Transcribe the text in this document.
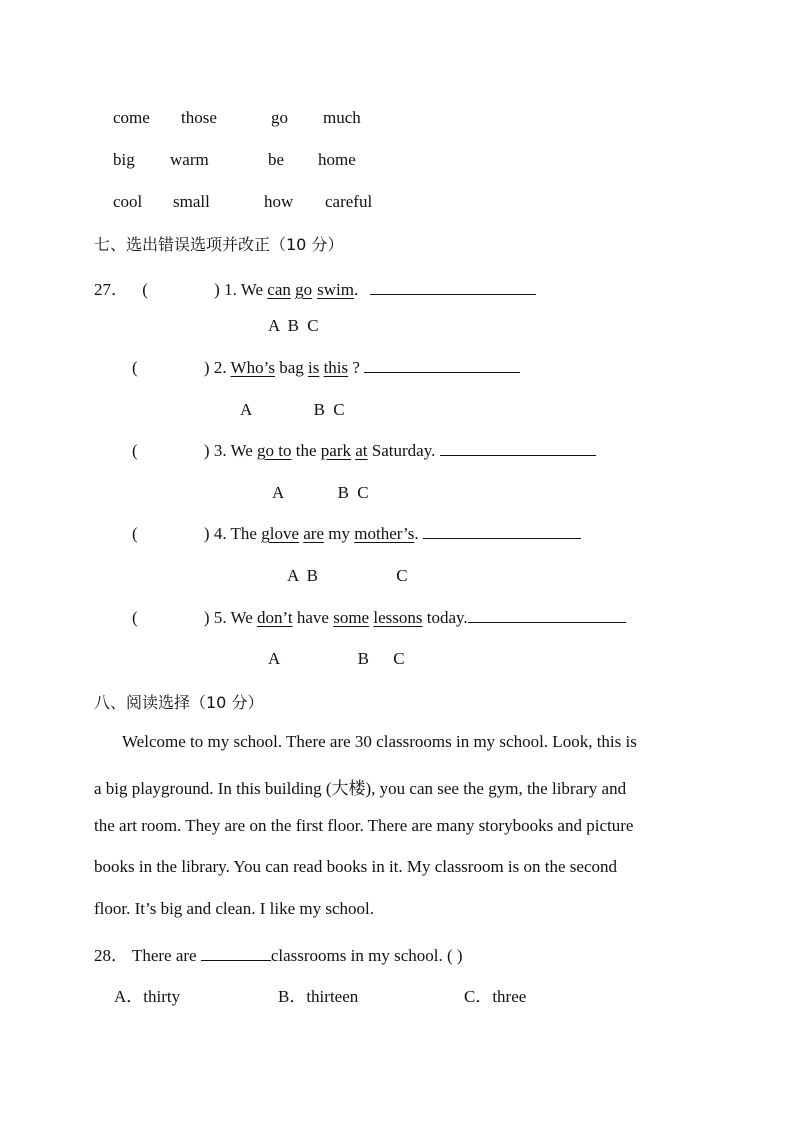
come those	go much
big warm	be home
cool small	how careful
七、选出错误选项并改正（10 分）
27． (	) 1. We can go swim.
A B C
(	) 2. Who’s bag is this ?
A	B C
(	) 3. We go to the park at Saturday.
A	B C
(	) 4. The glove are my mother’s.
A B	C
(	) 5. We don’t have some lessons today.
A	B C
八、阅读选择（10 分）
Welcome to my school. There are 30 classrooms in my school. Look, this is
a big playground. In this building (大楼), you can see the gym, the library and
the art room. They are on the first floor. There are many storybooks and picture
books in the library. You can read books in it. My classroom is on the second
floor. It’s big and clean. I like my school.
28． There are	classrooms in my school. ( )
A．thirty	B．thirteen	C．three
